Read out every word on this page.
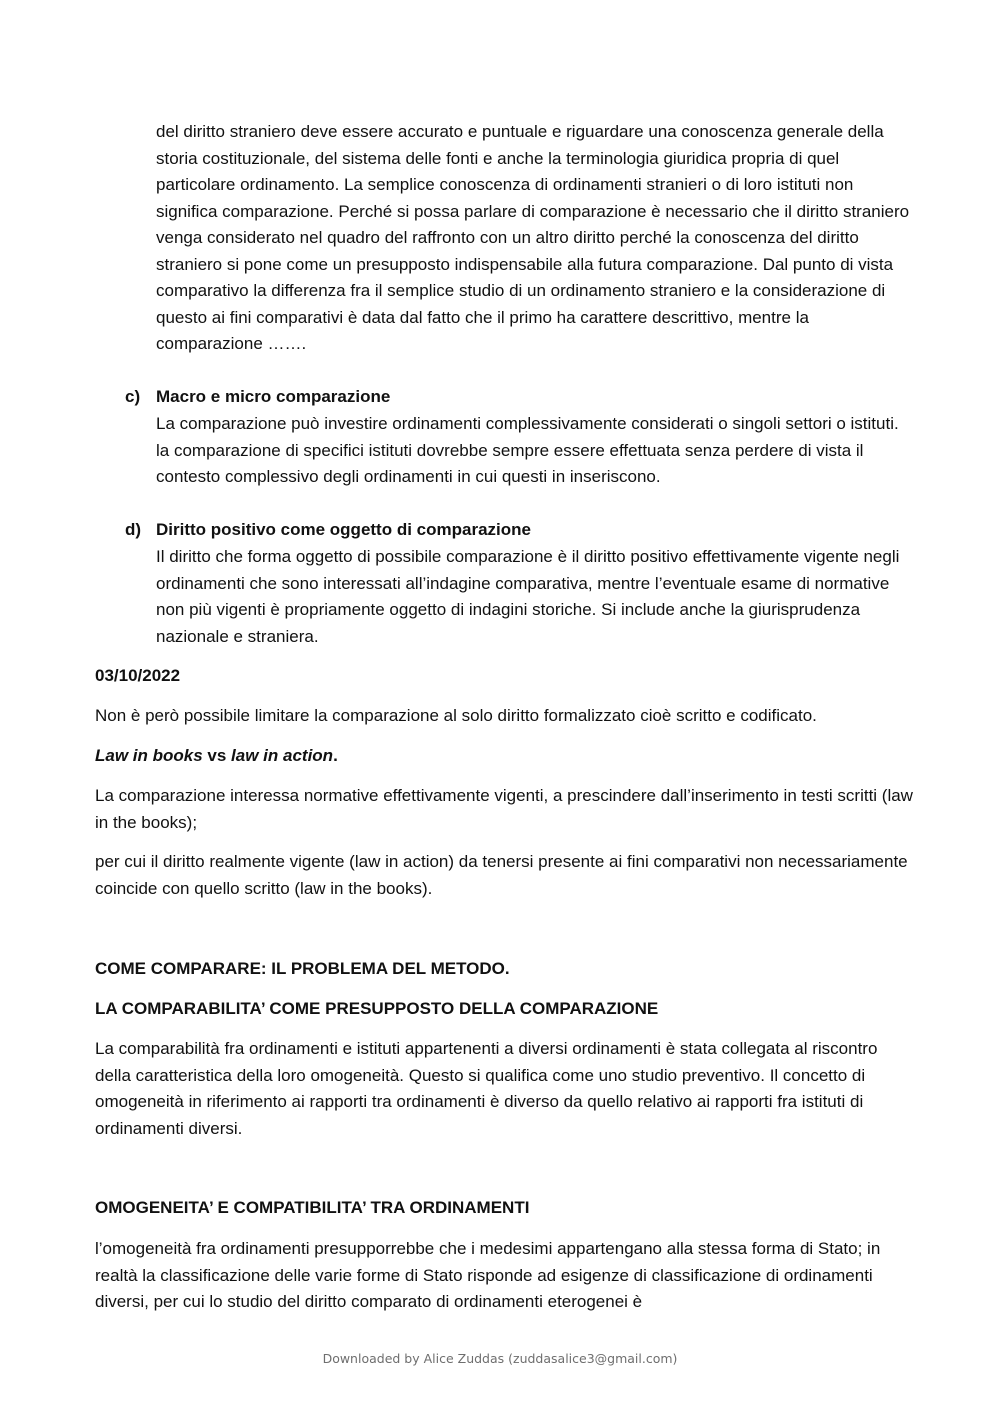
del diritto straniero deve essere accurato e puntuale e riguardare una conoscenza generale della storia costituzionale, del sistema delle fonti e anche la terminologia giuridica propria di quel particolare ordinamento. La semplice conoscenza di ordinamenti stranieri o di loro istituti non significa comparazione. Perché si possa parlare di comparazione è necessario che il diritto straniero venga considerato nel quadro del raffronto con un altro diritto perché la conoscenza del diritto straniero si pone come un presupposto indispensabile alla futura comparazione. Dal punto di vista comparativo la differenza fra il semplice studio di un ordinamento straniero e la considerazione di questo ai fini comparativi è data dal fatto che il primo ha carattere descrittivo, mentre la comparazione …….

c) Macro e micro comparazione

La comparazione può investire ordinamenti complessivamente considerati o singoli settori o istituti. la comparazione di specifici istituti dovrebbe sempre essere effettuata senza perdere di vista il contesto complessivo degli ordinamenti in cui questi in inseriscono.

d) Diritto positivo come oggetto di comparazione

Il diritto che forma oggetto di possibile comparazione è il diritto positivo effettivamente vigente negli ordinamenti che sono interessati all’indagine comparativa, mentre l’eventuale esame di normative non più vigenti è propriamente oggetto di indagini storiche. Si include anche la giurisprudenza nazionale e straniera.

03/10/2022

Non è però possibile limitare la comparazione al solo diritto formalizzato cioè scritto e codificato.

Law in books vs law in action.

La comparazione interessa normative effettivamente vigenti, a prescindere dall’inserimento in testi scritti (law in the books);

per cui il diritto realmente vigente (law in action) da tenersi presente ai fini comparativi non necessariamente coincide con quello scritto (law in the books).

COME COMPARARE: IL PROBLEMA DEL METODO.

LA COMPARABILITA’ COME PRESUPPOSTO DELLA COMPARAZIONE

La comparabilità fra ordinamenti e istituti appartenenti a diversi ordinamenti è stata collegata al riscontro della caratteristica della loro omogeneità. Questo si qualifica come uno studio preventivo. Il concetto di omogeneità in riferimento ai rapporti tra ordinamenti è diverso da quello relativo ai rapporti fra istituti di ordinamenti diversi.

OMOGENEITA’ E COMPATIBILITA’ TRA ORDINAMENTI

l’omogeneità fra ordinamenti presupporrebbe che i medesimi appartengano alla stessa forma di Stato; in realtà la classificazione delle varie forme di Stato risponde ad esigenze di classificazione di ordinamenti diversi, per cui lo studio del diritto comparato di ordinamenti eterogenei è

Downloaded by Alice Zuddas (zuddasalice3@gmail.com)
